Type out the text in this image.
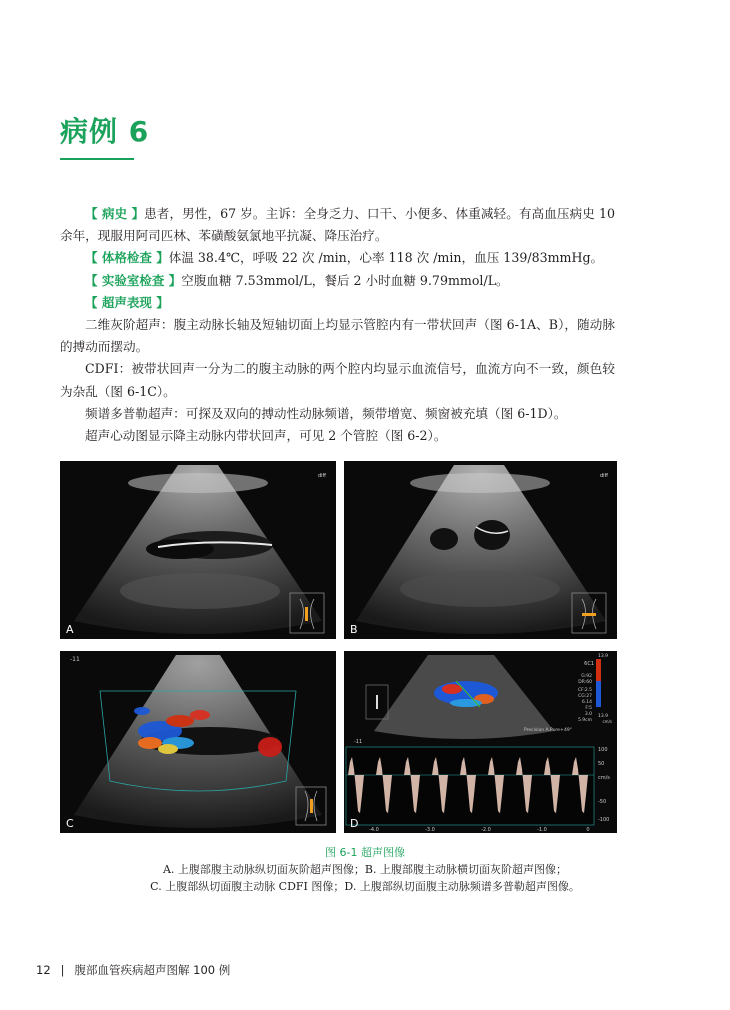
病例 6

【 病史 】患者，男性，67 岁。主诉：全身乏力、口干、小便多、体重减轻。有高血压病史 10 余年，现服用阿司匹林、苯磺酸氨氯地平抗凝、降压治疗。

【 体格检查 】体温 38.4℃，呼吸 22 次 /min，心率 118 次 /min，血压 139/83mmHg。

【 实验室检查 】空腹血糖 7.53mmol/L，餐后 2 小时血糖 9.79mmol/L。

【 超声表现 】

二维灰阶超声：腹主动脉长轴及短轴切面上均显示管腔内有一带状回声（图 6-1A、B），随动脉的搏动而摆动。

CDFI：被带状回声一分为二的腹主动脉的两个腔内均显示血流信号，血流方向不一致，颜色较为杂乱（图 6-1C）。

频谱多普勒超声：可探及双向的搏动性动脉频谱，频带增宽、频窗被充填（图 6-1D）。

超声心动图显示降主动脉内带状回声，可见 2 个管腔（图 6-2）。

diff
A
diff
B
-11
C
6C1
13.9
13.9
cm/s
G:92
DR:60
CF:2.5
CG:27
6.14
F:5
3.0
5.9cm
Precision A.Pure+ 49°
-11
100
50
cm/s
-50
-100
-4.0	-3.0	-2.0	-1.0	0
D
图 6-1 超声图像
A. 上腹部腹主动脉纵切面灰阶超声图像；B. 上腹部腹主动脉横切面灰阶超声图像；
C. 上腹部纵切面腹主动脉 CDFI 图像；D. 上腹部纵切面腹主动脉频谱多普勒超声图像。
12 | 腹部血管疾病超声图解 100 例
